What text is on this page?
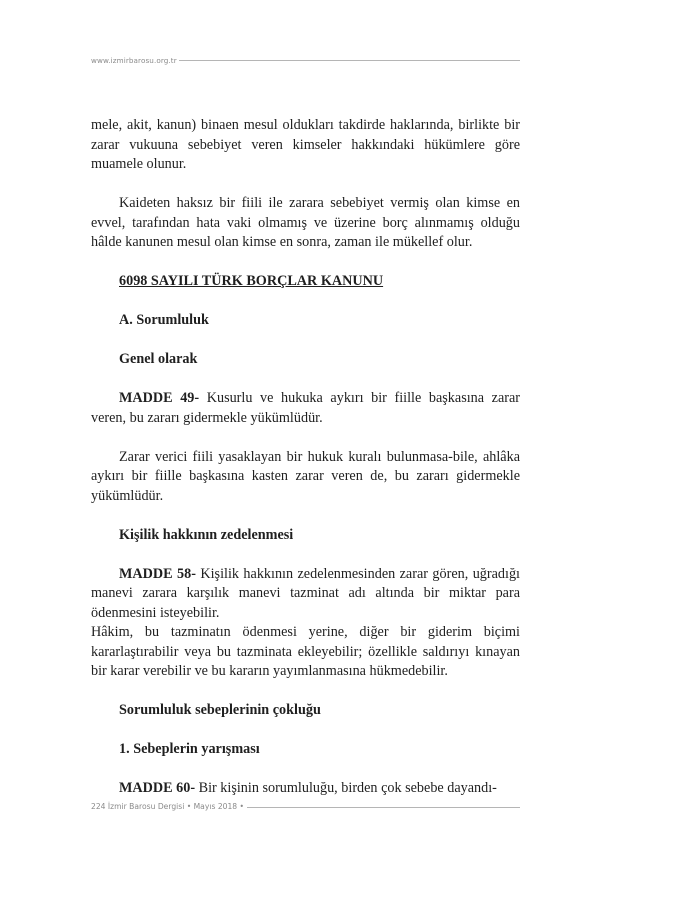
www.izmirbarosu.org.tr

mele, akit, kanun) binaen mesul oldukları takdirde haklarında, birlikte bir zarar vukuuna sebebiyet veren kimseler hakkındaki hükümlere göre muamele olunur.

Kaideten haksız bir fiili ile zarara sebebiyet vermiş olan kimse en evvel, tarafından hata vaki olmamış ve üzerine borç alınmamış olduğu hâlde kanunen mesul olan kimse en sonra, zaman ile mükellef olur.

6098 SAYILI TÜRK BORÇLAR KANUNU

A. Sorumluluk

Genel olarak

MADDE 49- Kusurlu ve hukuka aykırı bir fiille başkasına zarar veren, bu zararı gidermekle yükümlüdür.

Zarar verici fiili yasaklayan bir hukuk kuralı bulunmasa-bile, ahlâka aykırı bir fiille başkasına kasten zarar veren de, bu zararı gidermekle yükümlüdür.

Kişilik hakkının zedelenmesi

MADDE 58- Kişilik hakkının zedelenmesinden zarar gören, uğradığı manevi zarara karşılık manevi tazminat adı altında bir miktar para ödenmesini isteyebilir.

Hâkim, bu tazminatın ödenmesi yerine, diğer bir giderim biçimi kararlaştırabilir veya bu tazminata ekleyebilir; özellikle saldırıyı kınayan bir karar verebilir ve bu kararın yayımlanmasına hükmedebilir.

Sorumluluk sebeplerinin çokluğu

1. Sebeplerin yarışması

MADDE 60- Bir kişinin sorumluluğu, birden çok sebebe dayandı-

224 İzmir Barosu Dergisi • Mayıs 2018 •
